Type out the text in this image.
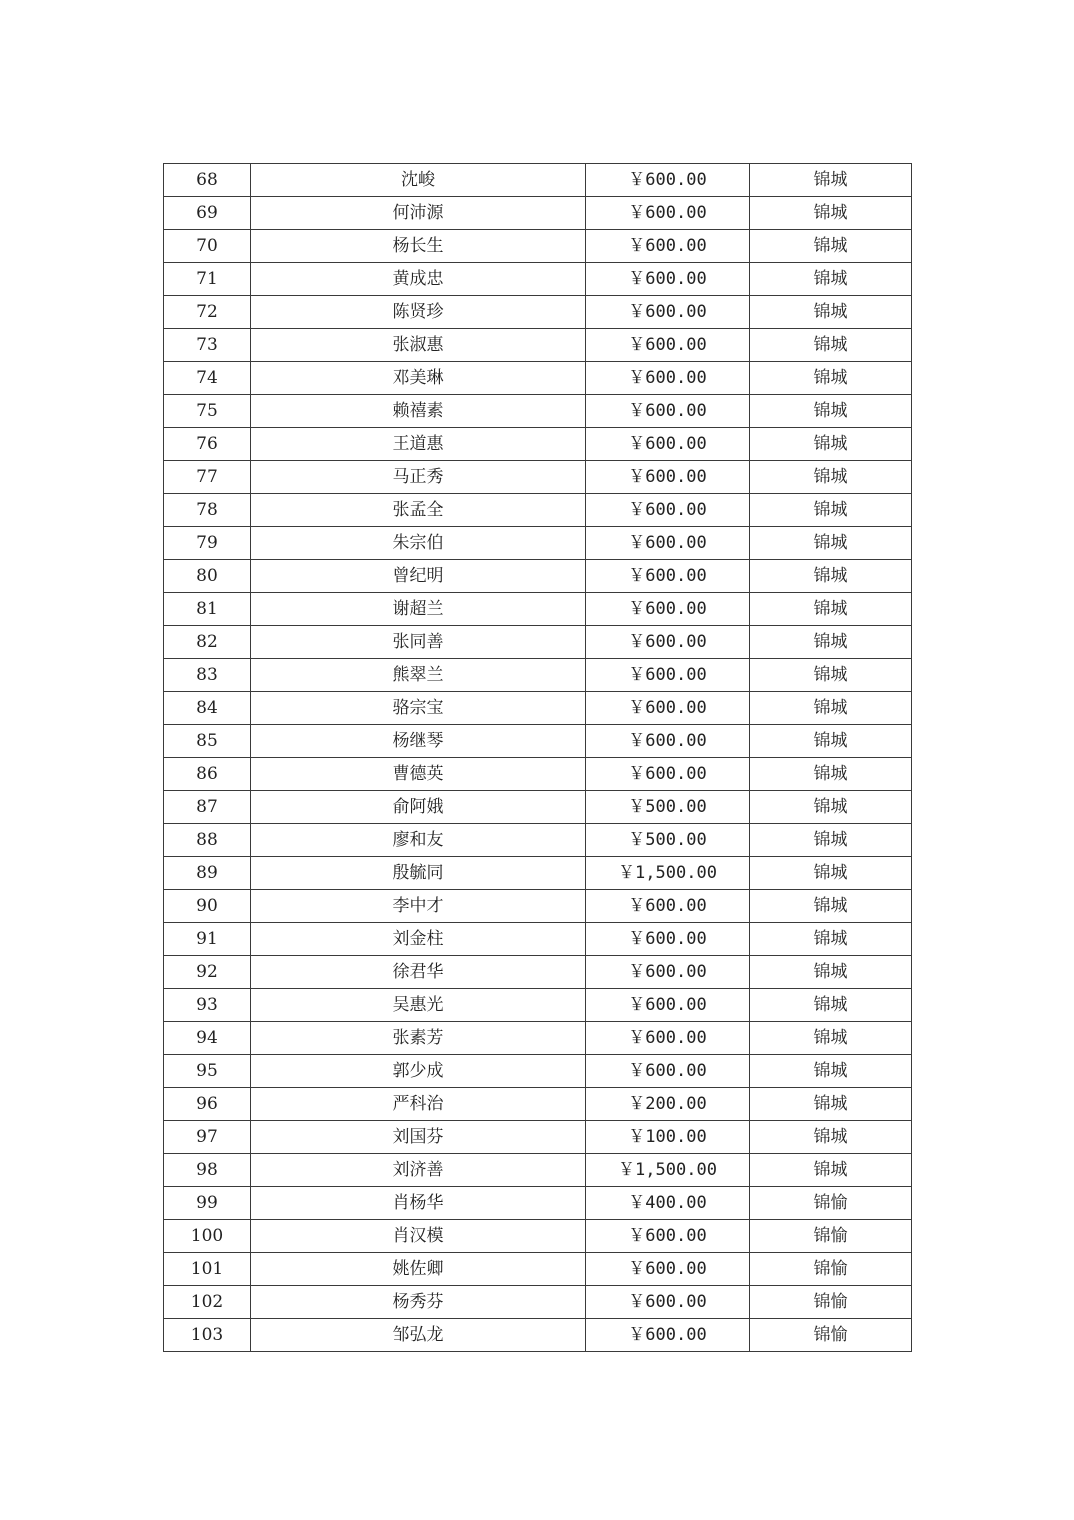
68	沈峻	￥600.00	锦城
69	何沛源	￥600.00	锦城
70	杨长生	￥600.00	锦城
71	黄成忠	￥600.00	锦城
72	陈贤珍	￥600.00	锦城
73	张淑惠	￥600.00	锦城
74	邓美琳	￥600.00	锦城
75	赖禧素	￥600.00	锦城
76	王道惠	￥600.00	锦城
77	马正秀	￥600.00	锦城
78	张孟全	￥600.00	锦城
79	朱宗伯	￥600.00	锦城
80	曾纪明	￥600.00	锦城
81	谢超兰	￥600.00	锦城
82	张同善	￥600.00	锦城
83	熊翠兰	￥600.00	锦城
84	骆宗宝	￥600.00	锦城
85	杨继琴	￥600.00	锦城
86	曹德英	￥600.00	锦城
87	俞阿娥	￥500.00	锦城
88	廖和友	￥500.00	锦城
89	殷毓同	￥1,500.00	锦城
90	李中才	￥600.00	锦城
91	刘金柱	￥600.00	锦城
92	徐君华	￥600.00	锦城
93	吴惠光	￥600.00	锦城
94	张素芳	￥600.00	锦城
95	郭少成	￥600.00	锦城
96	严科治	￥200.00	锦城
97	刘国芬	￥100.00	锦城
98	刘济善	￥1,500.00	锦城
99	肖杨华	￥400.00	锦愉
100	肖汉模	￥600.00	锦愉
101	姚佐卿	￥600.00	锦愉
102	杨秀芬	￥600.00	锦愉
103	邹弘龙	￥600.00	锦愉
